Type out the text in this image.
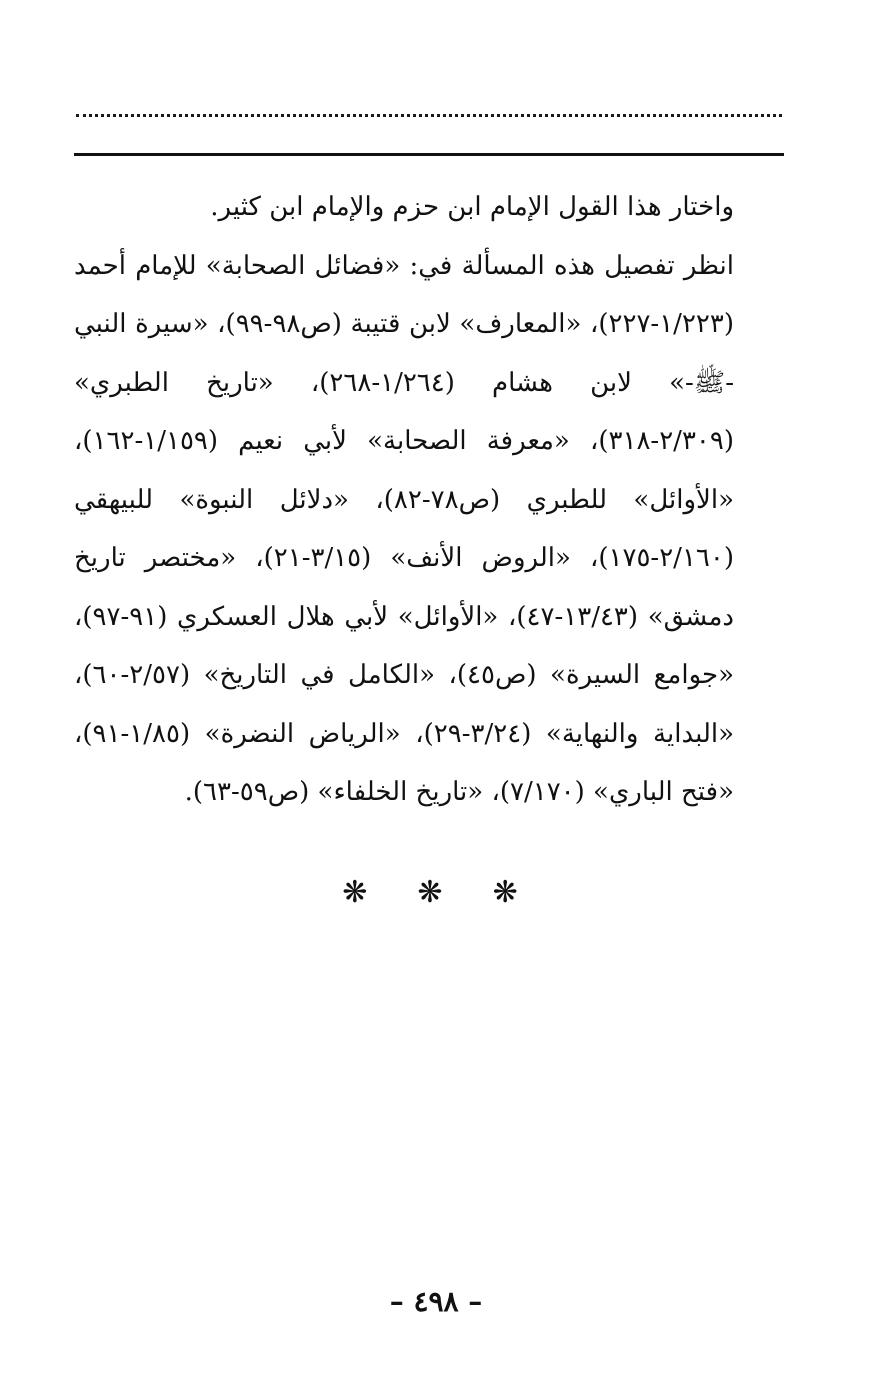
واختار هذا القول الإمام ابن حزم والإمام ابن كثير.

انظر تفصيل هذه المسألة في: «فضائل الصحابة» للإمام أحمد (١/٢٢٣-٢٢٧)، «المعارف» لابن قتيبة (ص٩٨-٩٩)، «سيرة النبي -ﷺ-» لابن هشام (١/٢٦٤-٢٦٨)، «تاريخ الطبري» (٢/٣٠٩-٣١٨)، «معرفة الصحابة» لأبي نعيم (١/١٥٩-١٦٢)، «الأوائل» للطبري (ص٧٨-٨٢)، «دلائل النبوة» للبيهقي (٢/١٦٠-١٧٥)، «الروض الأنف» (٣/١٥-٢١)، «مختصر تاريخ دمشق» (١٣/٤٣-٤٧)، «الأوائل» لأبي هلال العسكري (٩١-٩٧)، «جوامع السيرة» (ص٤٥)، «الكامل في التاريخ» (٢/٥٧-٦٠)، «البداية والنهاية» (٣/٢٤-٢٩)، «الرياض النضرة» (١/٨٥-٩١)، «فتح الباري» (٧/١٧٠)، «تاريخ الخلفاء» (ص٥٩-٦٣).

❋
❋
❋
– ٤٩٨ –
